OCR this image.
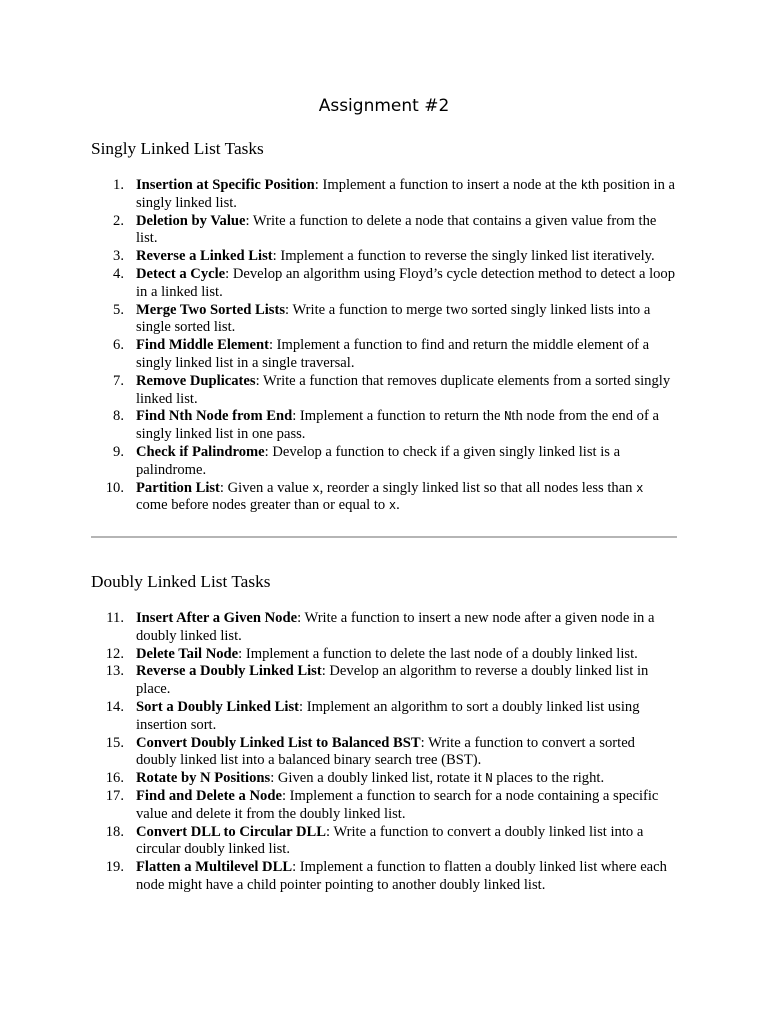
Assignment #2
Singly Linked List Tasks
1. Insertion at Specific Position: Implement a function to insert a node at the kth position in a singly linked list.
2. Deletion by Value: Write a function to delete a node that contains a given value from the list.
3. Reverse a Linked List: Implement a function to reverse the singly linked list iteratively.
4. Detect a Cycle: Develop an algorithm using Floyd’s cycle detection method to detect a loop in a linked list.
5. Merge Two Sorted Lists: Write a function to merge two sorted singly linked lists into a single sorted list.
6. Find Middle Element: Implement a function to find and return the middle element of a singly linked list in a single traversal.
7. Remove Duplicates: Write a function that removes duplicate elements from a sorted singly linked list.
8. Find Nth Node from End: Implement a function to return the Nth node from the end of a singly linked list in one pass.
9. Check if Palindrome: Develop a function to check if a given singly linked list is a palindrome.
10. Partition List: Given a value x, reorder a singly linked list so that all nodes less than x come before nodes greater than or equal to x.
Doubly Linked List Tasks
11. Insert After a Given Node: Write a function to insert a new node after a given node in a doubly linked list.
12. Delete Tail Node: Implement a function to delete the last node of a doubly linked list.
13. Reverse a Doubly Linked List: Develop an algorithm to reverse a doubly linked list in place.
14. Sort a Doubly Linked List: Implement an algorithm to sort a doubly linked list using insertion sort.
15. Convert Doubly Linked List to Balanced BST: Write a function to convert a sorted doubly linked list into a balanced binary search tree (BST).
16. Rotate by N Positions: Given a doubly linked list, rotate it N places to the right.
17. Find and Delete a Node: Implement a function to search for a node containing a specific value and delete it from the doubly linked list.
18. Convert DLL to Circular DLL: Write a function to convert a doubly linked list into a circular doubly linked list.
19. Flatten a Multilevel DLL: Implement a function to flatten a doubly linked list where each node might have a child pointer pointing to another doubly linked list.
